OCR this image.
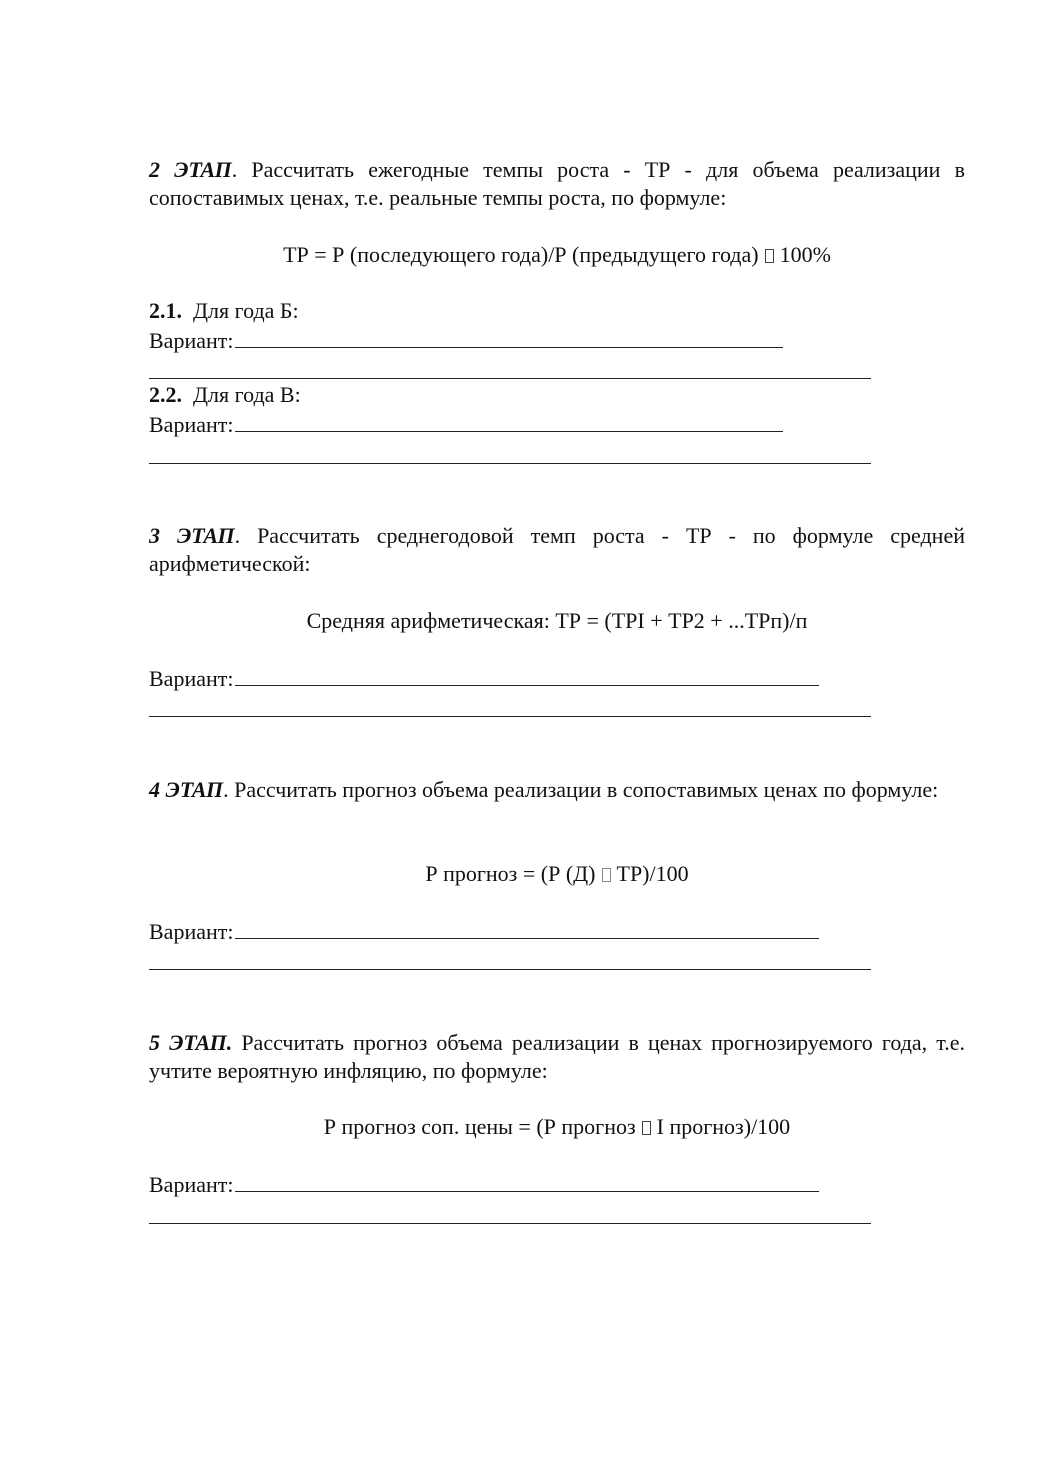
2 ЭТАП. Рассчитать ежегодные темпы роста - ТР - для объема реализации в сопоставимых ценах, т.е. реальные темпы роста, по формуле:

ТР = Р (последующего года)/Р (предыдущего года) 100%

2.1. Для года Б:

Вариант:

2.2. Для года В:

Вариант:

3 ЭТАП. Рассчитать среднегодовой темп роста - ТР - по формуле средней арифметической:

Средняя арифметическая: ТР = (ТРI + ТР2 + ...ТРп)/п

Вариант:

4 ЭТАП. Рассчитать прогноз объема реализации в сопоставимых ценах по формуле:

Р прогноз = (Р (Д) ТР)/100

Вариант:

5 ЭТАП. Рассчитать прогноз объема реализации в ценах прогнозируемого года, т.е. учтите вероятную инфляцию, по формуле:

Р прогноз соп. цены = (Р прогноз I прогноз)/100

Вариант:
